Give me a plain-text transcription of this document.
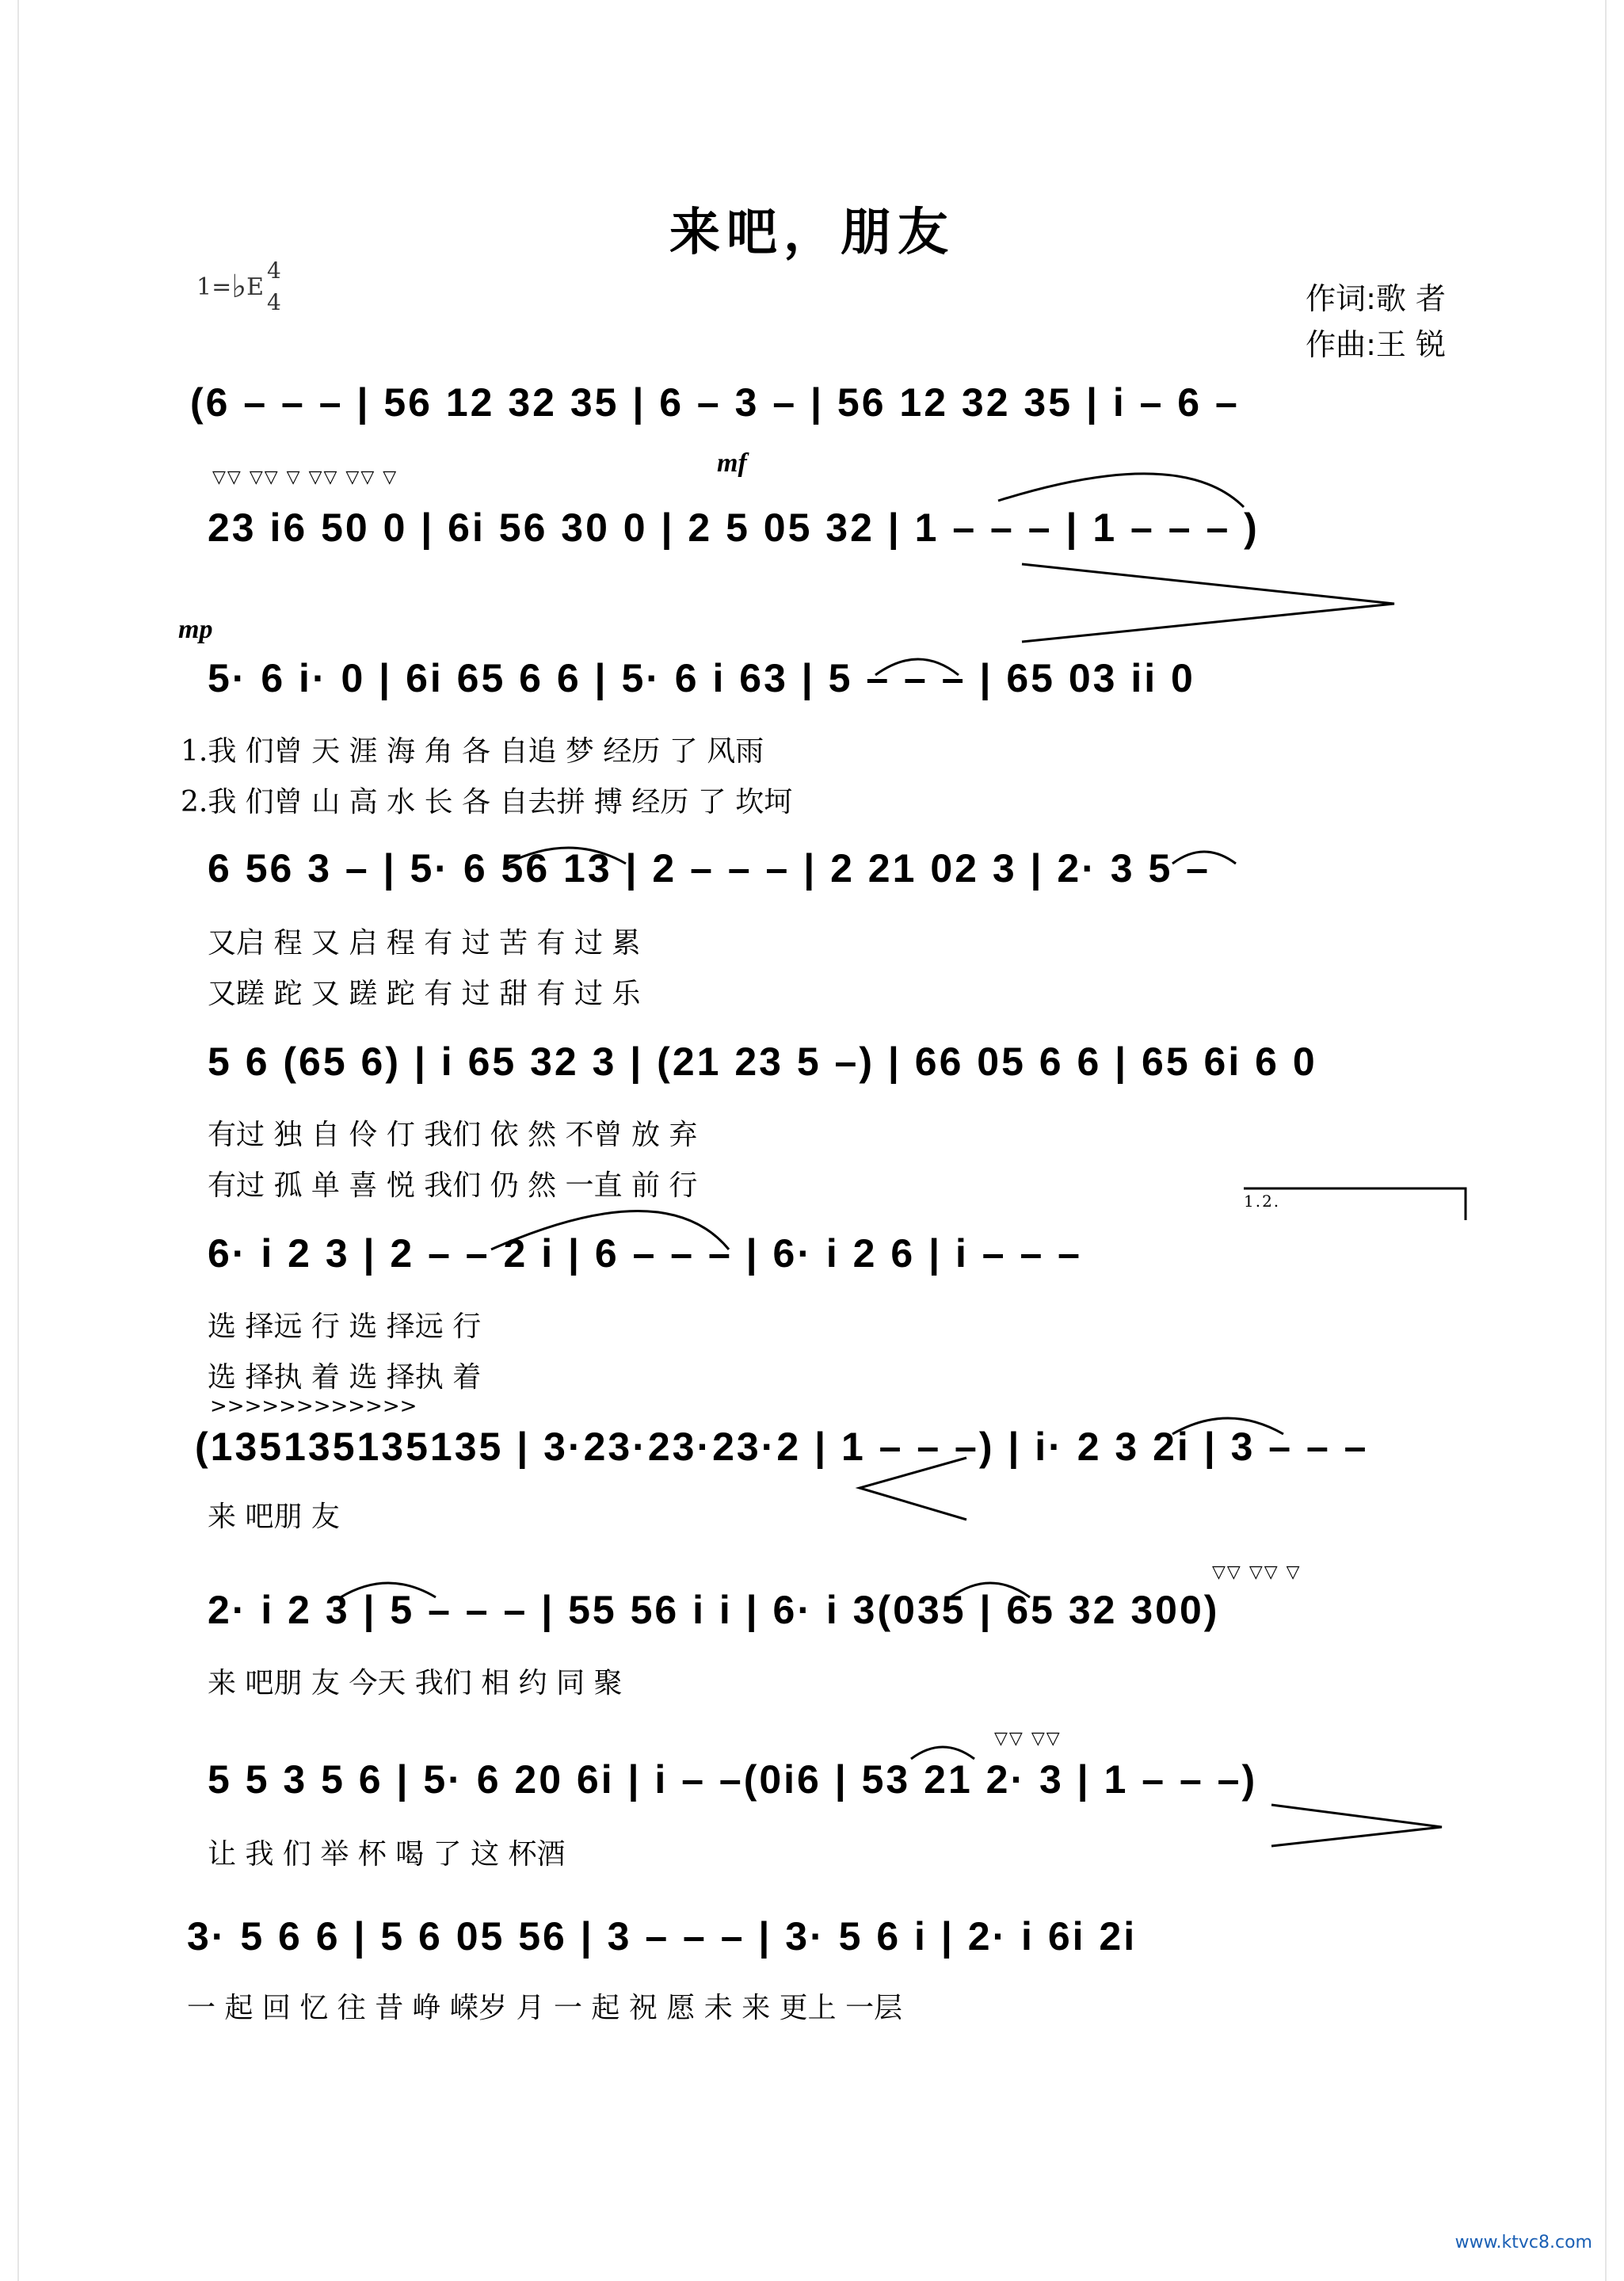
来吧，朋友
1= ♭ E
4
4	作词:歌 者
作曲:王 锐
mf
mp
▽▽ ▽▽ ▽ ▽▽ ▽▽ ▽
>>>>>>>>>>>>
▽▽ ▽▽ ▽
▽▽ ▽▽
1.2.
(6 – – – | 56 12 32 35 | 6 – 3 – | 56 12 32 35 | i – 6 –
23 i6 50 0 | 6i 56 30 0 | 2 5 05 32 | 1 – – – | 1 – – – )
5· 6 i· 0 | 6i 65 6 6 | 5· 6 i 63 | 5 – – – | 65 03 ii 0
1.我 们曾 天 涯 海 角 各 自追 梦 经历 了 风雨
2.我 们曾 山 高 水 长 各 自去拼 搏 经历 了 坎坷
6 56 3 – | 5· 6 56 13 | 2 – – – | 2 21 02 3 | 2· 3 5 –
又启 程 又 启 程 有 过 苦 有 过 累
又蹉 跎 又 蹉 跎 有 过 甜 有 过 乐
5 6 (65 6) | i 65 32 3 | (21 23 5 –) | 66 05 6 6 | 65 6i 6 0
有过 独 自 伶 仃 我们 依 然 不曾 放 弃
有过 孤 单 喜 悦 我们 仍 然 一直 前 行
6· i 2 3 | 2 – – 2 i | 6 – – – | 6· i 2 6 | i – – –
选 择远 行 选 择远 行
选 择执 着 选 择执 着
(135135135135 | 3·23·23·23·2 | 1 – – –) | i· 2 3 2i | 3 – – –
来 吧朋 友
2· i 2 3 | 5 – – – | 55 56 i i | 6· i 3(035 | 65 32 300)
来 吧朋 友 今天 我们 相 约 同 聚
5 5 3 5 6 | 5· 6 20 6i | i – –(0i6 | 53 21 2· 3 | 1 – – –)
让 我 们 举 杯 喝 了 这 杯酒
3· 5 6 6 | 5 6 05 56 | 3 – – – | 3· 5 6 i | 2· i 6i 2i
一 起 回 忆 往 昔 峥 嵘岁 月 一 起 祝 愿 未 来 更上 一层
www.ktvc8.com
